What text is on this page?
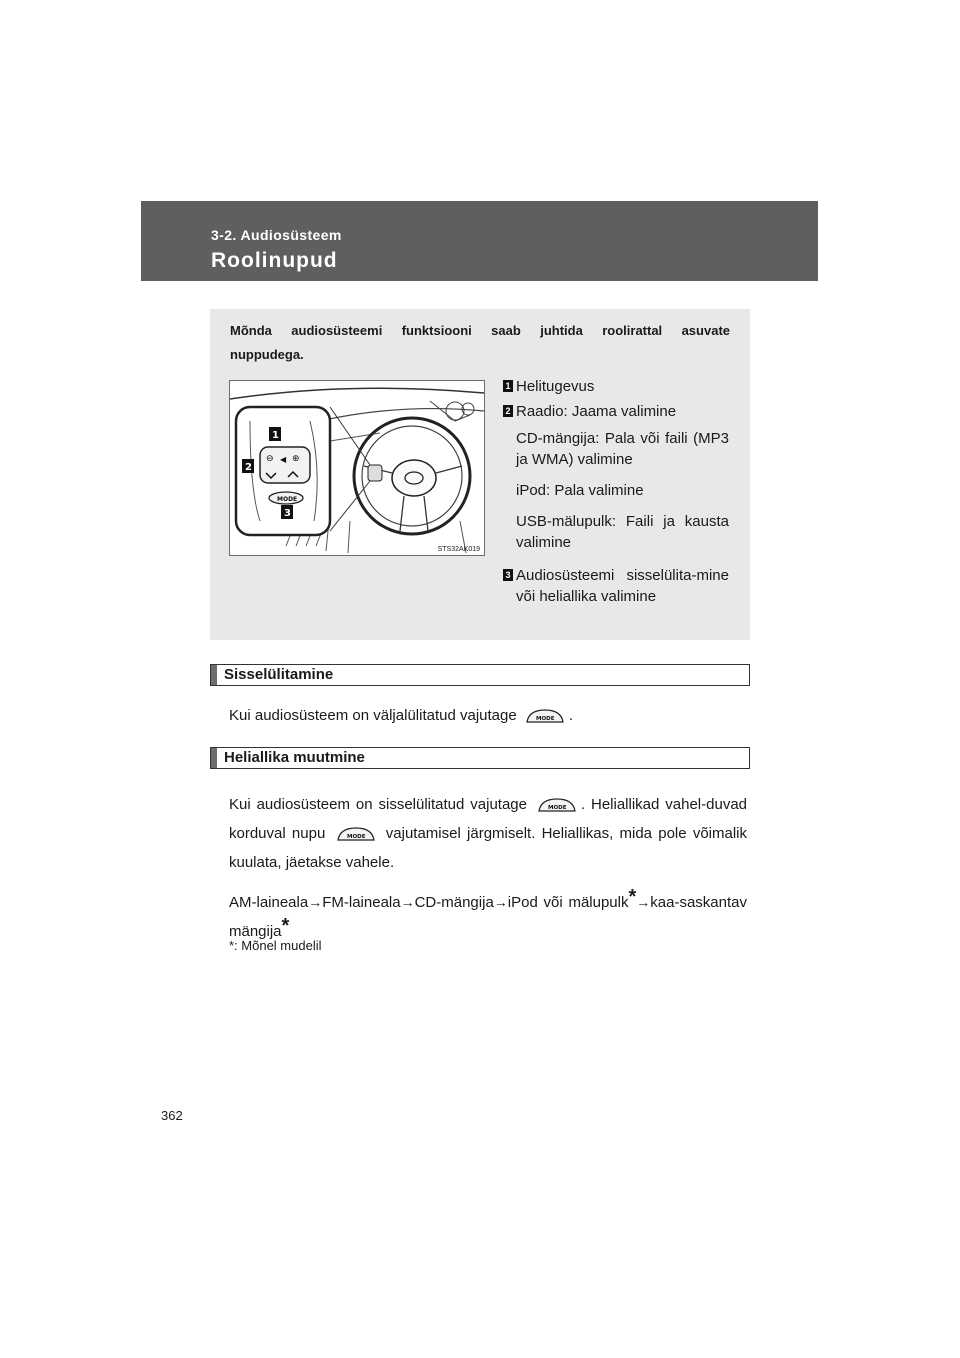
3-2. Audiosüsteem
Roolinupud
Mõnda audiosüsteemi funktsiooni saab juhtida roolirattal asuvate nuppudega.
⊖ ◀ ⊕
MODE
1
2
3
STS32AK019
1 Helitugevus
2 Raadio: Jaama valimine
CD-mängija: Pala või faili (MP3 ja WMA) valimine
iPod: Pala valimine
USB-mälupulk: Faili ja kausta valimine
3 Audiosüsteemi sisselülita-mine või heliallika valimine
Sisselülitamine
Kui audiosüsteem on väljalülitatud vajutage	MODE .
Heliallika muutmine
Kui audiosüsteem on sisselülitatud vajutage	MODE . Heliallikad vahel-duvad korduval nupu	MODE vajutamisel järgmiselt. Heliallikas, mida pole võimalik kuulata, jäetakse vahele.
AM-laineala→FM-laineala→CD-mängija→iPod või mälupulk*→kaa-saskantav mängija*
*: Mõnel mudelil
362
